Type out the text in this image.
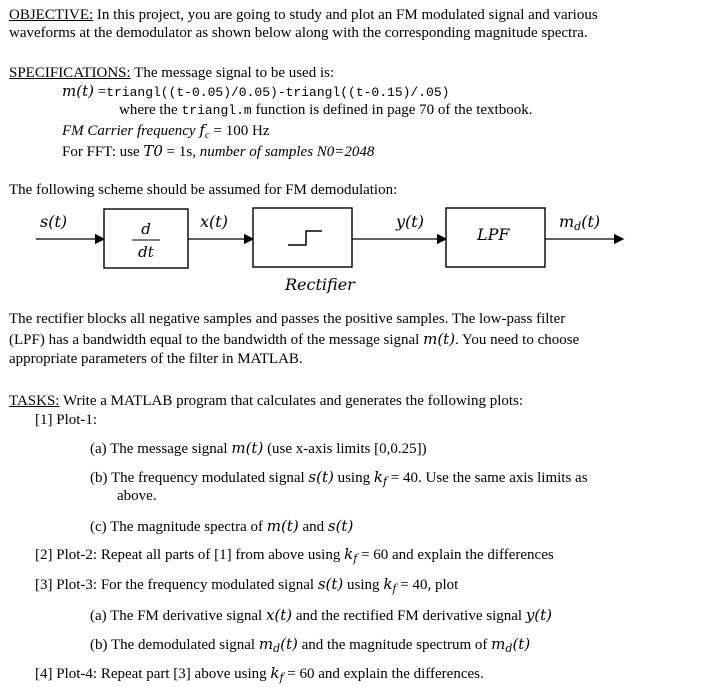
OBJECTIVE: In this project, you are going to study and plot an FM modulated signal and various
waveforms at the demodulator as shown below along with the corresponding magnitude spectra.
SPECIFICATIONS: The message signal to be used is:
m(t) =triangl((t-0.05)/0.05)-triangl((t-0.15)/.05)
where the triangl.m function is defined in page 70 of the textbook.
FM Carrier frequency $f_c = 100$ Hz
For FFT: use T0 = 1s, number of samples N0=2048
The following scheme should be assumed for FM demodulation:
s(t)	d
dt
x(t)	y(t)
LPF
$m_d(t)$
Rectifier
The rectifier blocks all negative samples and passes the positive samples. The low-pass filter
(LPF) has a bandwidth equal to the bandwidth of the message signal m(t). You need to choose
appropriate parameters of the filter in MATLAB.
TASKS: Write a MATLAB program that calculates and generates the following plots:
[1] Plot-1:
(a) The message signal m(t) (use x-axis limits [0,0.25])
(b) The frequency modulated signal s(t) using $k_f = 40$. Use the same axis limits as
above.
(c) The magnitude spectra of m(t) and s(t)
[2] Plot-2: Repeat all parts of [1] from above using $k_f = 60$ and explain the differences
[3] Plot-3: For the frequency modulated signal s(t) using $k_f = 40$, plot
(a) The FM derivative signal x(t) and the rectified FM derivative signal y(t)
(b) The demodulated signal $m_d(t)$ and the magnitude spectrum of $m_d(t)$
[4] Plot-4: Repeat part [3] above using $k_f = 60$ and explain the differences.
